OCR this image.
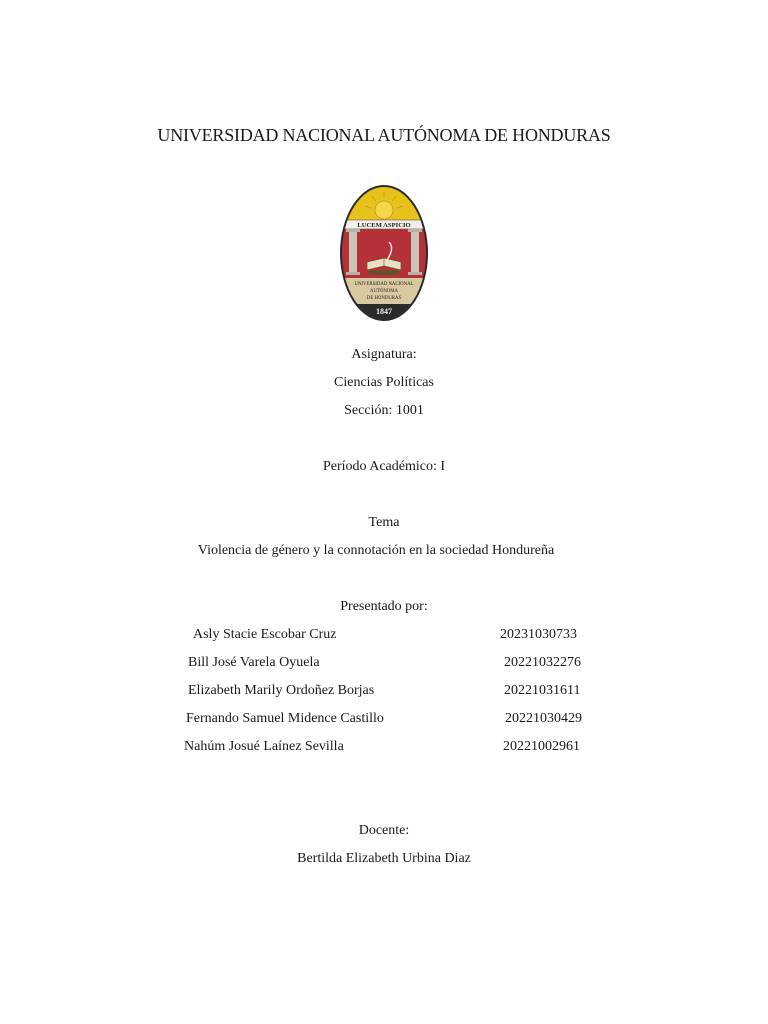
UNIVERSIDAD NACIONAL AUTÓNOMA DE HONDURAS
LUCEM ASPICIO
UNIVERSIDAD NACIONAL
AUTÓNOMA
DE HONDURAS
1847
Asignatura:
Ciencias Políticas
Sección: 1001
Período Académico: I
Tema
Violencia de género y la connotación en la sociedad Hondureña
Presentado por:
Asly Stacie Escobar Cruz	20231030733
Bill José Varela Oyuela	20221032276
Elizabeth Marily Ordoñez Borjas	20221031611
Fernando Samuel Midence Castillo	20221030429
Nahúm Josué Laínez Sevilla	20221002961
Docente:
Bertilda Elizabeth Urbina Diaz
